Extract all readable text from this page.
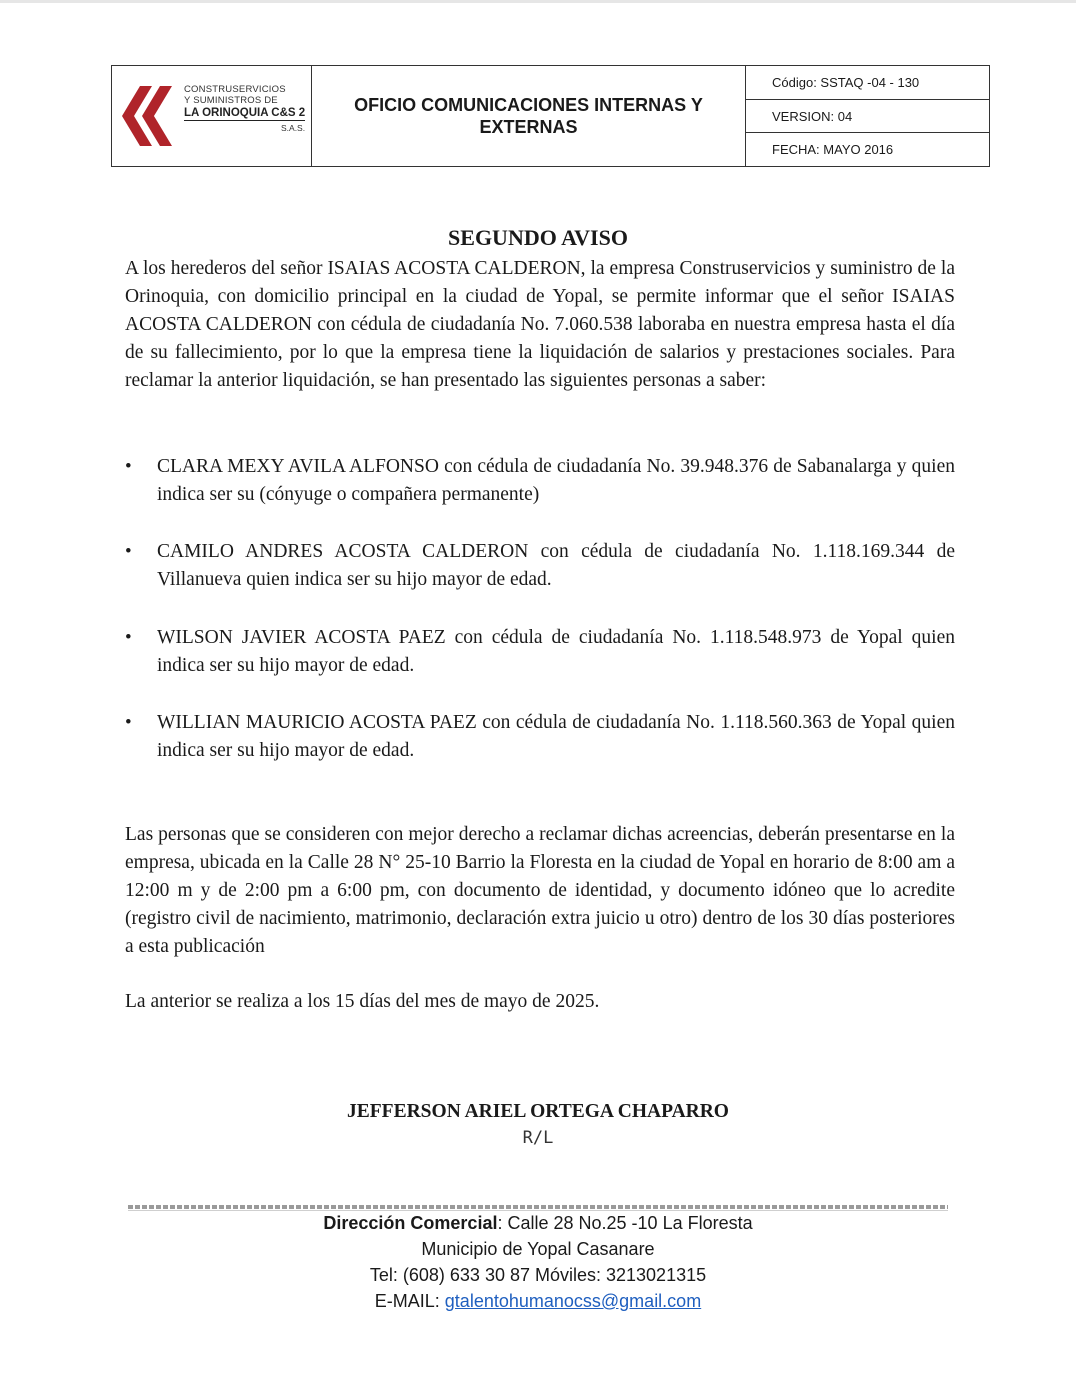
CONSTRUSERVICIOS
Y SUMINISTROS DE
LA ORINOQUIA C&S 2
S.A.S.
OFICIO COMUNICACIONES INTERNAS Y EXTERNAS
Código: SSTAQ -04 - 130
VERSION: 04
FECHA: MAYO 2016
SEGUNDO AVISO

A los herederos del señor ISAIAS ACOSTA CALDERON, la empresa Construservicios y suministro de la Orinoquia, con domicilio principal en la ciudad de Yopal, se permite informar que el señor ISAIAS ACOSTA CALDERON con cédula de ciudadanía No. 7.060.538 laboraba en nuestra empresa hasta el día de su fallecimiento, por lo que la empresa tiene la liquidación de salarios y prestaciones sociales. Para reclamar la anterior liquidación, se han presentado las siguientes personas a saber:

• CLARA MEXY AVILA ALFONSO con cédula de ciudadanía No. 39.948.376 de Sabanalarga y quien indica ser su (cónyuge o compañera permanente)
• CAMILO ANDRES ACOSTA CALDERON con cédula de ciudadanía No. 1.118.169.344 de Villanueva quien indica ser su hijo mayor de edad.
• WILSON JAVIER ACOSTA PAEZ con cédula de ciudadanía No. 1.118.548.973 de Yopal quien indica ser su hijo mayor de edad.
• WILLIAN MAURICIO ACOSTA PAEZ con cédula de ciudadanía No. 1.118.560.363 de Yopal quien indica ser su hijo mayor de edad.

Las personas que se consideren con mejor derecho a reclamar dichas acreencias, deberán presentarse en la empresa, ubicada en la Calle 28 N° 25-10 Barrio la Floresta en la ciudad de Yopal en horario de 8:00 am a 12:00 m y de 2:00 pm a 6:00 pm, con documento de identidad, y documento idóneo que lo acredite (registro civil de nacimiento, matrimonio, declaración extra juicio u otro) dentro de los 30 días posteriores a esta publicación

La anterior se realiza a los 15 días del mes de mayo de 2025.

JEFFERSON ARIEL ORTEGA CHAPARRO
R/L
Dirección Comercial: Calle 28 No.25 -10 La Floresta
Municipio de Yopal Casanare
Tel: (608) 633 30 87 Móviles: 3213021315
E-MAIL: gtalentohumanocss@gmail.com
